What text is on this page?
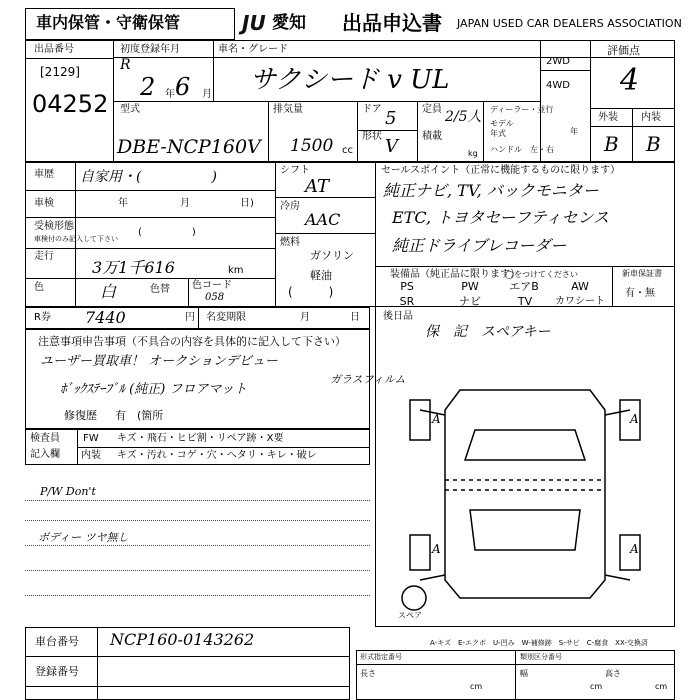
車内保管・守衛保管	JU 愛知 出品申込書 JAPAN USED CAR DEALERS ASSOCIATION
出品番号
[2129]
04252
初度登録年月
R
2 年 6 月
車名・グレード
サクシード v UL
2WD
4WD
評価点
4
外装 内装
B B
型式
DBE-NCP160V
排気量
1500 cc
ドア 5
形状 V
定員 2/5人
積載
kg
ディーラー・並行
モデル
年式	年
ハンドル　左・右
車歴 自家用・(　　　　　)
車検	年	月	日)
受検形態
車検付のみ記入して下さい
(　　　　　)
走行
3万1千616	km
色	白	色替 色コード
058
シフト
AT
冷房
AAC
燃料
ガソリン
軽油
(　　　)
セールスポイント（正常に機能するものに限ります）
純正ナビ, TV, バックモニター
ETC, トヨタセーフティセンス
純正ドライブレコーダー
装備品（純正品に限ります）
◯をつけてください	新車保証書
有・無
PS	PW	エアB	AW
SR	ナビ	TV	カワシート
R券 7440	円 名変期限	月	日 後日品
保　記　スペアキー
注意事項申告事項（不具合の内容を具体的に記入して下さい）
ユーザー買取車！ オークションデビュー
ﾎﾞｯｸｽﾃｰﾌﾞﾙ (純正) フロアマット
ガラスフィルム
修復歴 有　(箇所
検査員
記入欄
FW キズ・飛石・ヒビ割・リペア跡・X要
内装 キズ・汚れ・コゲ・穴・へタリ・キレ・破レ
P/W Don't
ボディー ツヤ無し
A	A
A	A
スペア
A-キズ　E-エクボ　U-凹み　W-補修跡　S-サビ　C-腐食　XX-交換済
車台番号 NCP160-0143262
登録番号
形式指定番号	類別区分番号
長さ
cm
幅
cm
高さ
cm
